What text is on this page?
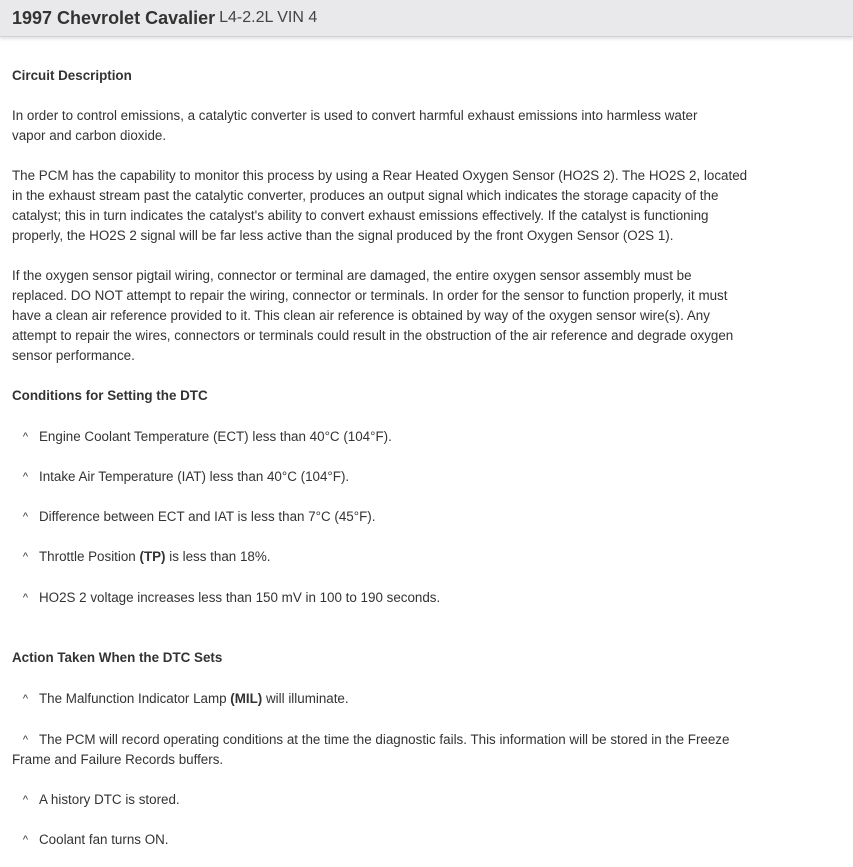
1997 Chevrolet Cavalier L4-2.2L VIN 4
Circuit Description

In order to control emissions, a catalytic converter is used to convert harmful exhaust emissions into harmless water
vapor and carbon dioxide.

The PCM has the capability to monitor this process by using a Rear Heated Oxygen Sensor (HO2S 2). The HO2S 2, located
in the exhaust stream past the catalytic converter, produces an output signal which indicates the storage capacity of the
catalyst; this in turn indicates the catalyst's ability to convert exhaust emissions effectively. If the catalyst is functioning
properly, the HO2S 2 signal will be far less active than the signal produced by the front Oxygen Sensor (O2S 1).

If the oxygen sensor pigtail wiring, connector or terminal are damaged, the entire oxygen sensor assembly must be
replaced. DO NOT attempt to repair the wiring, connector or terminals. In order for the sensor to function properly, it must
have a clean air reference provided to it. This clean air reference is obtained by way of the oxygen sensor wire(s). Any
attempt to repair the wires, connectors or terminals could result in the obstruction of the air reference and degrade oxygen
sensor performance.

Conditions for Setting the DTC
^ Engine Coolant Temperature (ECT) less than 40°C (104°F).
^ Intake Air Temperature (IAT) less than 40°C (104°F).
^ Difference between ECT and IAT is less than 7°C (45°F).
^ Throttle Position (TP) is less than 18%.
^ HO2S 2 voltage increases less than 150 mV in 100 to 190 seconds.
Action Taken When the DTC Sets
^ The Malfunction Indicator Lamp (MIL) will illuminate.
^ The PCM will record operating conditions at the time the diagnostic fails. This information will be stored in the Freeze
Frame and Failure Records buffers.
^ A history DTC is stored.
^ Coolant fan turns ON.
